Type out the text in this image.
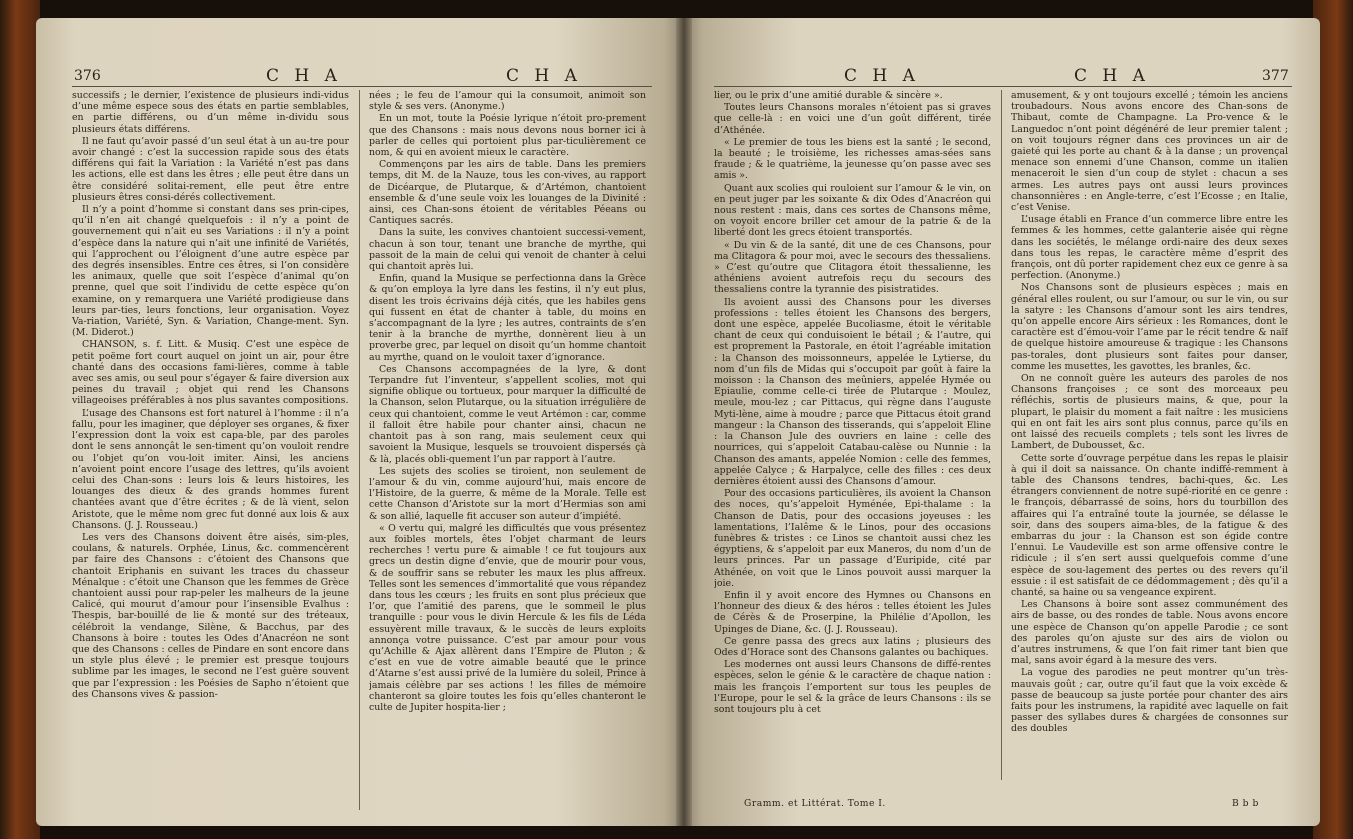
376	C H A	C H A

successifs ; le dernier, l’existence de plusieurs indi-vidus d’une même espece sous des états en partie semblables, en partie différens, ou d’un même in-dividu sous plusieurs états différens.

Il ne faut qu’avoir passé d’un seul état à un au-tre pour avoir changé : c’est la succession rapide sous des états différens qui fait la Variation : la Variété n’est pas dans les actions, elle est dans les êtres ; elle peut être dans un être considéré solitai-rement, elle peut être entre plusieurs êtres consi-dérés collectivement.

Il n’y a point d’homme si constant dans ses prin-cipes, qu’il n’en ait changé quelquefois : il n’y a point de gouvernement qui n’ait eu ses Variations : il n’y a point d’espèce dans la nature qui n’ait une infinité de Variétés, qui l’approchent ou l’éloignent d’une autre espèce par des degrés insensibles. Entre ces êtres, si l’on considère les animaux, quelle que soit l’espèce d’animal qu’on prenne, quel que soit l’individu de cette espèce qu’on examine, on y remarquera une Variété prodigieuse dans leurs par-ties, leurs fonctions, leur organisation. Voyez Va-riation, Variété, Syn. & Variation, Change-ment. Syn. (M. Diderot.)

CHANSON, s. f. Litt. & Musiq. C’est une espèce de petit poëme fort court auquel on joint un air, pour être chanté dans des occasions fami-lières, comme à table avec ses amis, ou seul pour s’égayer & faire diversion aux peines du travail ; objet qui rend les Chansons villageoises préférables à nos plus savantes compositions.

L’usage des Chansons est fort naturel à l’homme : il n’a fallu, pour les imaginer, que déployer ses organes, & fixer l’expression dont la voix est capa-ble, par des paroles dont le sens annonçât le sen-timent qu’on vouloit rendre ou l’objet qu’on vou-loit imiter. Ainsi, les anciens n’avoient point encore l’usage des lettres, qu’ils avoient celui des Chan-sons : leurs lois & leurs histoires, les louanges des dieux & des grands hommes furent chantées avant que d’être écrites ; & de là vient, selon Aristote, que le même nom grec fut donné aux lois & aux Chansons. (J. J. Rousseau.)

Les vers des Chansons doivent être aisés, sim-ples, coulans, & naturels. Orphée, Linus, &c. commencèrent par faire des Chansons : c’étoient des Chansons que chantoit Eriphanis en suivant les traces du chasseur Ménalque : c’étoit une Chanson que les femmes de Grèce chantoient aussi pour rap-peler les malheurs de la jeune Calicé, qui mourut d’amour pour l’insensible Evalhus : Thespis, bar-bouillé de lie & monté sur des tréteaux, célébroit la vendange, Silène, & Bacchus, par des Chansons à boire : toutes les Odes d’Anacréon ne sont que des Chansons : celles de Pindare en sont encore dans un style plus élevé ; le premier est presque toujours sublime par les images, le second ne l’est guère souvent que par l’expression : les Poésies de Sapho n’étoient que des Chansons vives & passion-

nées ; le feu de l’amour qui la consumoit, animoit son style & ses vers. (Anonyme.)

En un mot, toute la Poésie lyrique n’étoit pro-prement que des Chansons : mais nous devons nous borner ici à parler de celles qui portoient plus par-ticulièrement ce nom, & qui en avoient mieux le caractère.

Commençons par les airs de table. Dans les premiers temps, dit M. de la Nauze, tous les con-vives, au rapport de Dicéarque, de Plutarque, & d’Artémon, chantoient ensemble & d’une seule voix les louanges de la Divinité : ainsi, ces Chan-sons étoient de véritables Péeans ou Cantiques sacrés.

Dans la suite, les convives chantoient successi-vement, chacun à son tour, tenant une branche de myrthe, qui passoit de la main de celui qui venoit de chanter à celui qui chantoit après lui.

Enfin, quand la Musique se perfectionna dans la Grèce & qu’on employa la lyre dans les festins, il n’y eut plus, disent les trois écrivains déjà cités, que les habiles gens qui fussent en état de chanter à table, du moins en s’accompagnant de la lyre ; les autres, contraints de s’en tenir à la branche de myrthe, donnèrent lieu à un proverbe grec, par lequel on disoit qu’un homme chantoit au myrthe, quand on le vouloit taxer d’ignorance.

Ces Chansons accompagnées de la lyre, & dont Terpandre fut l’inventeur, s’appellent scolies, mot qui signifie oblique ou tortueux, pour marquer la difficulté de la Chanson, selon Plutarque, ou la situation irrégulière de ceux qui chantoient, comme le veut Artémon : car, comme il falloit être habile pour chanter ainsi, chacun ne chantoit pas à son rang, mais seulement ceux qui savoient la Musique, lesquels se trouvoient dispersés çà & là, placés obli-quement l’un par rapport à l’autre.

Les sujets des scolies se tiroient, non seulement de l’amour & du vin, comme aujourd’hui, mais encore de l’Histoire, de la guerre, & même de la Morale. Telle est cette Chanson d’Aristote sur la mort d’Hermias son ami & son allié, laquelle fit accuser son auteur d’impiété.

« O vertu qui, malgré les difficultés que vous présentez aux foibles mortels, êtes l’objet charmant de leurs recherches ! vertu pure & aimable ! ce fut toujours aux grecs un destin digne d’envie, que de mourir pour vous, & de souffrir sans se rebuter les maux les plus affreux. Telles sont les semences d’immortalité que vous répandez dans tous les cœurs ; les fruits en sont plus précieux que l’or, que l’amitié des parens, que le sommeil le plus tranquille : pour vous le divin Hercule & les fils de Léda essuyèrent mille travaux, & le succès de leurs exploits annonça votre puissance. C’est par amour pour vous qu’Achille & Ajax allèrent dans l’Empire de Pluton ; & c’est en vue de votre aimable beauté que le prince d’Atarne s’est aussi privé de la lumière du soleil, Prince à jamais célèbre par ses actions ! les filles de mémoire chanteront sa gloire toutes les fois qu’elles chanteront le culte de Jupiter hospita-lier ;

C H A	C H A	377

lier, ou le prix d’une amitié durable & sincère ».

Toutes leurs Chansons morales n’étoient pas si graves que celle-là : en voici une d’un goût différent, tirée d’Athénée.

« Le premier de tous les biens est la santé ; le second, la beauté ; le troisième, les richesses amas-sées sans fraude ; & le quatrième, la jeunesse qu’on passe avec ses amis ».

Quant aux scolies qui rouloient sur l’amour & le vin, on en peut juger par les soixante & dix Odes d’Anacréon qui nous restent : mais, dans ces sortes de Chansons même, on voyoit encore briller cet amour de la patrie & de la liberté dont les grecs étoient transportés.

« Du vin & de la santé, dit une de ces Chansons, pour ma Clitagora & pour moi, avec le secours des thessaliens. » C’est qu’outre que Clitagora étoit thessalienne, les athéniens avoient autrefois reçu du secours des thessaliens contre la tyrannie des pisistratides.

Ils avoient aussi des Chansons pour les diverses professions : telles étoient les Chansons des bergers, dont une espèce, appelée Bucoliasme, étoit le véritable chant de ceux qui conduisoient le bétail ; & l’autre, qui est proprement la Pastorale, en étoit l’agréable imitation : la Chanson des moissonneurs, appelée le Lytierse, du nom d’un fils de Midas qui s’occupoit par goût à faire la moisson : la Chanson des meûniers, appelée Hymée ou Epiaulie, comme celle-ci tirée de Plutarque : Moulez, meule, mou-lez ; car Pittacus, qui règne dans l’auguste Myti-lène, aime à moudre ; parce que Pittacus étoit grand mangeur : la Chanson des tisserands, qui s’appeloit Eline : la Chanson Jule des ouvriers en laine : celle des nourrices, qui s’appeloit Catabau-calèse ou Nunnie : la Chanson des amants, appelée Nomion : celle des femmes, appelée Calyce ; & Harpalyce, celle des filles : ces deux dernières étoient aussi des Chansons d’amour.

Pour des occasions particulières, ils avoient la Chanson des noces, qu’s’appeloit Hyménée, Epi-thalame : la Chanson de Datis, pour des occasions joyeuses : les lamentations, l’Ialême & le Linos, pour des occasions funèbres & tristes : ce Linos se chantoit aussi chez les égyptiens, & s’appeloit par eux Maneros, du nom d’un de leurs princes. Par un passage d’Euripide, cité par Athénée, on voit que le Linos pouvoit aussi marquer la joie.

Enfin il y avoit encore des Hymnes ou Chansons en l’honneur des dieux & des héros : telles étoient les Jules de Cérès & de Proserpine, la Philélie d’Apollon, les Upinges de Diane, &c. (J. J. Rousseau).

Ce genre passa des grecs aux latins ; plusieurs des Odes d’Horace sont des Chansons galantes ou bachiques.

Les modernes ont aussi leurs Chansons de diffé-rentes espèces, selon le génie & le caractère de chaque nation : mais les françois l’emportent sur tous les peuples de l’Europe, pour le sel & la grâce de leurs Chansons : ils se sont toujours plu à cet

amusement, & y ont toujours excellé ; témoin les anciens troubadours. Nous avons encore des Chan-sons de Thibaut, comte de Champagne. La Pro-vence & le Languedoc n’ont point dégénéré de leur premier talent ; on voit toujours régner dans ces provinces un air de gaieté qui les porte au chant & à la danse ; un provençal menace son ennemi d’une Chanson, comme un italien menaceroit le sien d’un coup de stylet : chacun a ses armes. Les autres pays ont aussi leurs provinces chansonnières : en Angle-terre, c’est l’Ecosse ; en Italie, c’est Venise.

L’usage établi en France d’un commerce libre entre les femmes & les hommes, cette galanterie aisée qui règne dans les sociétés, le mélange ordi-naire des deux sexes dans tous les repas, le caractère même d’esprit des françois, ont dû porter rapidement chez eux ce genre à sa perfection. (Anonyme.)

Nos Chansons sont de plusieurs espèces ; mais en général elles roulent, ou sur l’amour, ou sur le vin, ou sur la satyre : les Chansons d’amour sont les airs tendres, qu’on appelle encore Airs sérieux : les Romances, dont le caractère est d’émou-voir l’ame par le récit tendre & naïf de quelque histoire amoureuse & tragique : les Chansons pas-torales, dont plusieurs sont faites pour danser, comme les musettes, les gavottes, les branles, &c.

On ne connoît guère les auteurs des paroles de nos Chansons françoises ; ce sont des morceaux peu réfléchis, sortis de plusieurs mains, & que, pour la plupart, le plaisir du moment a fait naître : les musiciens qui en ont fait les airs sont plus connus, parce qu’ils en ont laissé des recueils complets ; tels sont les livres de Lambert, de Dubousset, &c.

Cette sorte d’ouvrage perpétue dans les repas le plaisir à qui il doit sa naissance. On chante indiffé-remment à table des Chansons tendres, bachi-ques, &c. Les étrangers conviennent de notre supé-riorité en ce genre : le françois, débarrassé de soins, hors du tourbillon des affaires qui l’a entraîné toute la journée, se délasse le soir, dans des soupers aima-bles, de la fatigue & des embarras du jour : la Chanson est son égide contre l’ennui. Le Vaudeville est son arme offensive contre le ridicule ; il s’en sert aussi quelquefois comme d’une espèce de sou-lagement des pertes ou des revers qu’il essuie : il est satisfait de ce dédommagement ; dès qu’il a chanté, sa haine ou sa vengeance expirent.

Les Chansons à boire sont assez communément des airs de basse, ou des rondes de table. Nous avons encore une espèce de Chanson qu’on appelle Parodie ; ce sont des paroles qu’on ajuste sur des airs de violon ou d’autres instrumens, & que l’on fait rimer tant bien que mal, sans avoir égard à la mesure des vers.

La vogue des parodies ne peut montrer qu’un très-mauvais goût ; car, outre qu’il faut que la voix excède & passe de beaucoup sa juste portée pour chanter des airs faits pour les instrumens, la rapidité avec laquelle on fait passer des syllabes dures & chargées de consonnes sur des doubles

Gramm. et Littérat. Tome I.	B b b
